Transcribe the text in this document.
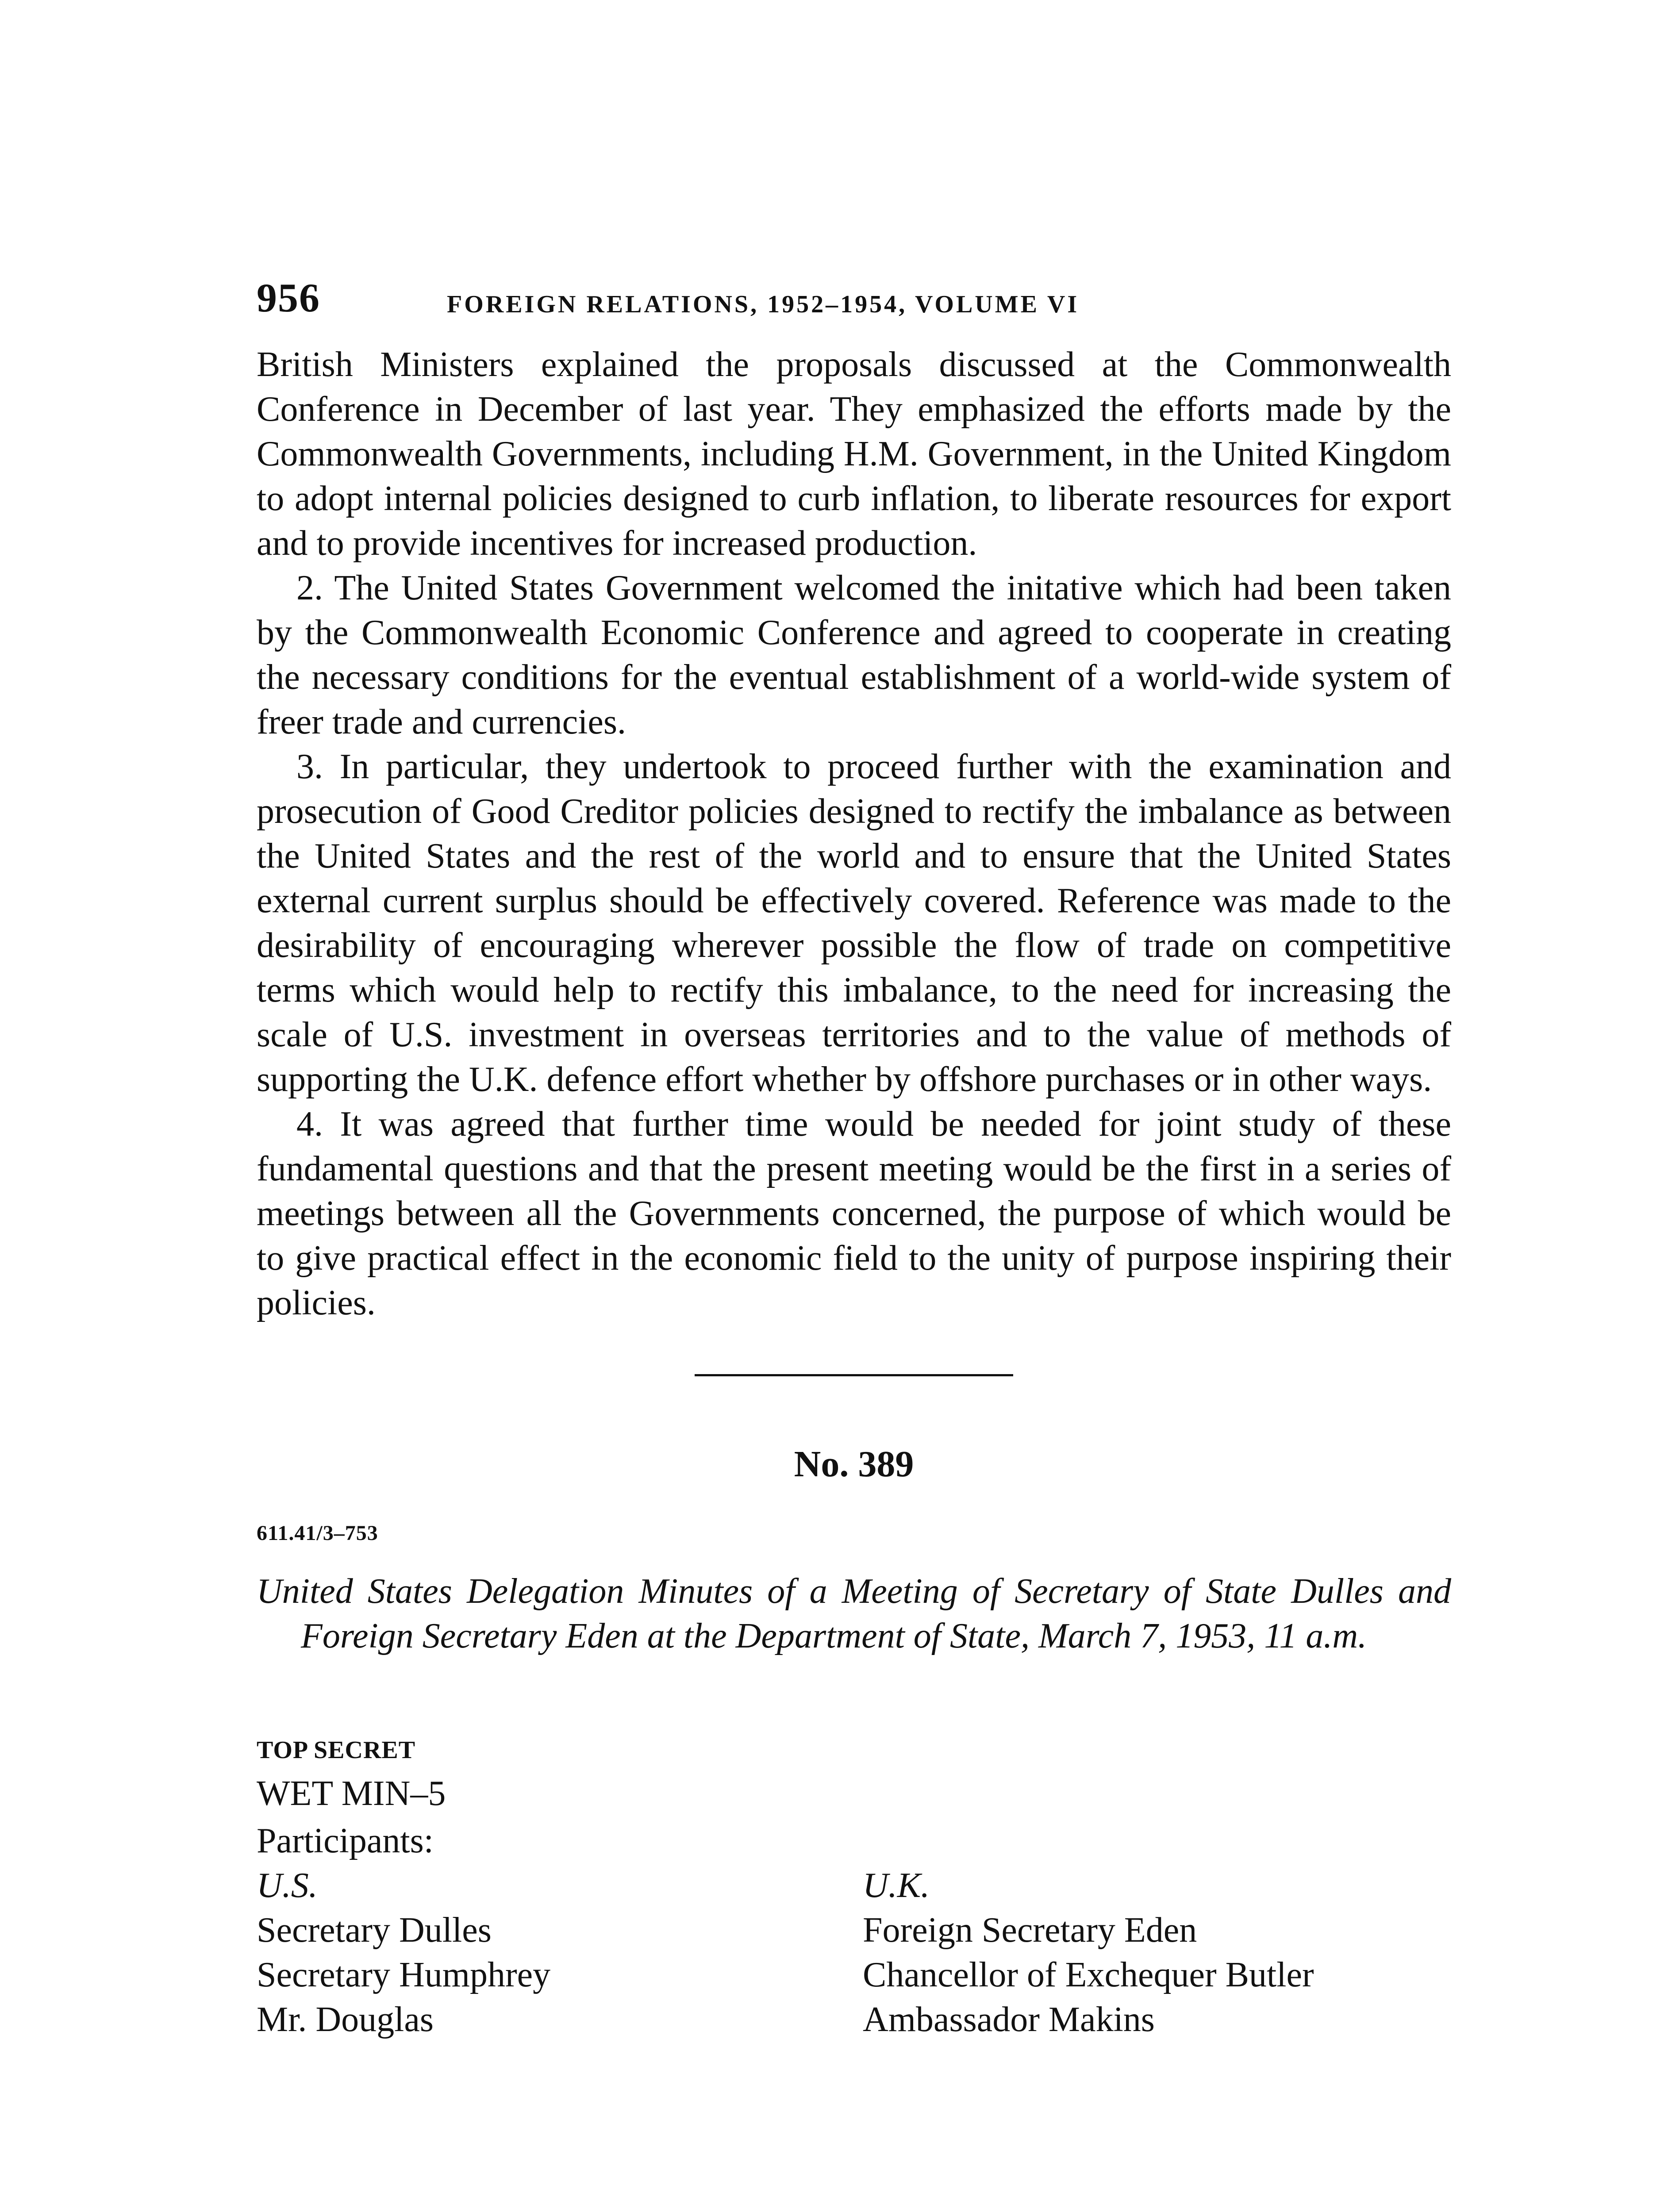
956	FOREIGN RELATIONS, 1952–1954, VOLUME VI

British Ministers explained the proposals discussed at the Commonwealth Conference in December of last year. They emphasized the efforts made by the Commonwealth Governments, including H.M. Government, in the United Kingdom to adopt internal policies designed to curb inflation, to liberate resources for export and to provide incentives for increased production.

2. The United States Government welcomed the initative which had been taken by the Commonwealth Economic Conference and agreed to cooperate in creating the necessary conditions for the eventual establishment of a world-wide system of freer trade and currencies.

3. In particular, they undertook to proceed further with the examination and prosecution of Good Creditor policies designed to rectify the imbalance as between the United States and the rest of the world and to ensure that the United States external current surplus should be effectively covered. Reference was made to the desirability of encouraging wherever possible the flow of trade on competitive terms which would help to rectify this imbalance, to the need for increasing the scale of U.S. investment in overseas territories and to the value of methods of supporting the U.K. defence effort whether by offshore purchases or in other ways.

4. It was agreed that further time would be needed for joint study of these fundamental questions and that the present meeting would be the first in a series of meetings between all the Governments concerned, the purpose of which would be to give practical effect in the economic field to the unity of purpose inspiring their policies.

No. 389
611.41/3–753
United States Delegation Minutes of a Meeting of Secretary of State Dulles and Foreign Secretary Eden at the Department of State, March 7, 1953, 11 a.m.
TOP SECRET
WET MIN–5
Participants:
U.S.
Secretary Dulles
Secretary Humphrey
Mr. Douglas
U.K.
Foreign Secretary Eden
Chancellor of Exchequer Butler
Ambassador Makins
